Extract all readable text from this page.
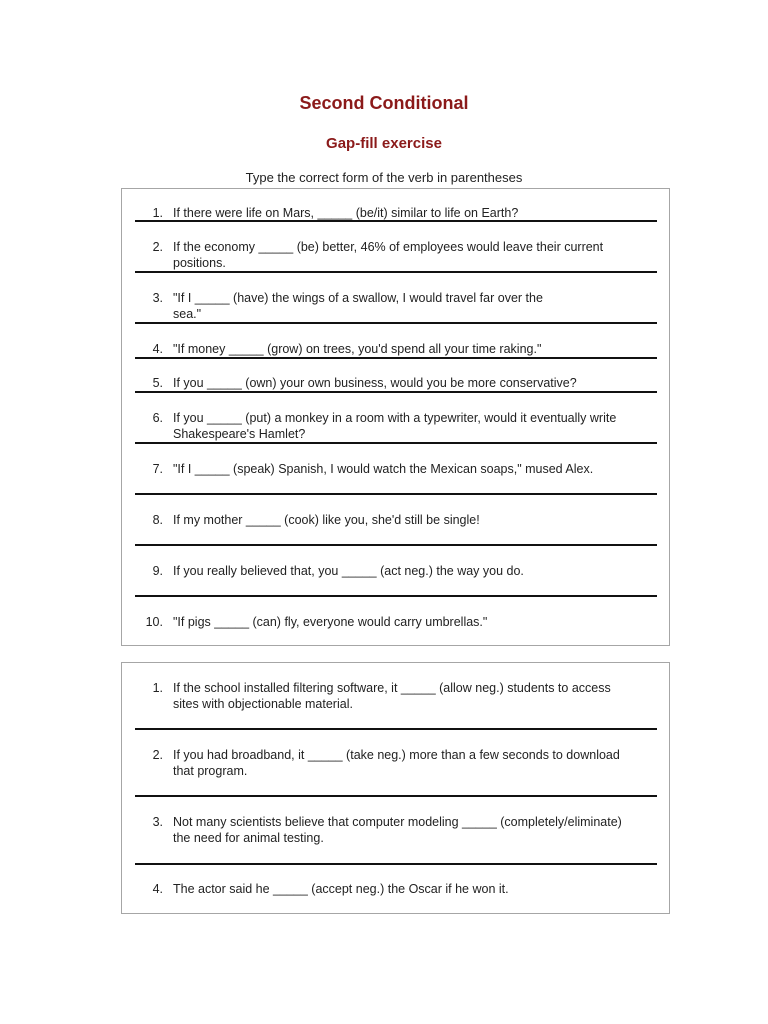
Second Conditional
Gap-fill exercise
Type the correct form of the verb in parentheses
1. If there were life on Mars, _____ (be/it) similar to life on Earth?
2. If the economy _____ (be) better, 46% of employees would leave their current
positions.
3. "If I _____ (have) the wings of a swallow, I would travel far over the
sea."
4. "If money _____ (grow) on trees, you'd spend all your time raking."
5. If you _____ (own) your own business, would you be more conservative?
6. If you _____ (put) a monkey in a room with a typewriter, would it eventually write
Shakespeare's Hamlet?
7. "If I _____ (speak) Spanish, I would watch the Mexican soaps," mused Alex.
8. If my mother _____ (cook) like you, she'd still be single!
9. If you really believed that, you _____ (act neg.) the way you do.
10. "If pigs _____ (can) fly, everyone would carry umbrellas."
1. If the school installed filtering software, it _____ (allow neg.) students to access
sites with objectionable material.
2. If you had broadband, it _____ (take neg.) more than a few seconds to download
that program.
3. Not many scientists believe that computer modeling _____ (completely/eliminate)
the need for animal testing.
4. The actor said he _____ (accept neg.) the Oscar if he won it.
